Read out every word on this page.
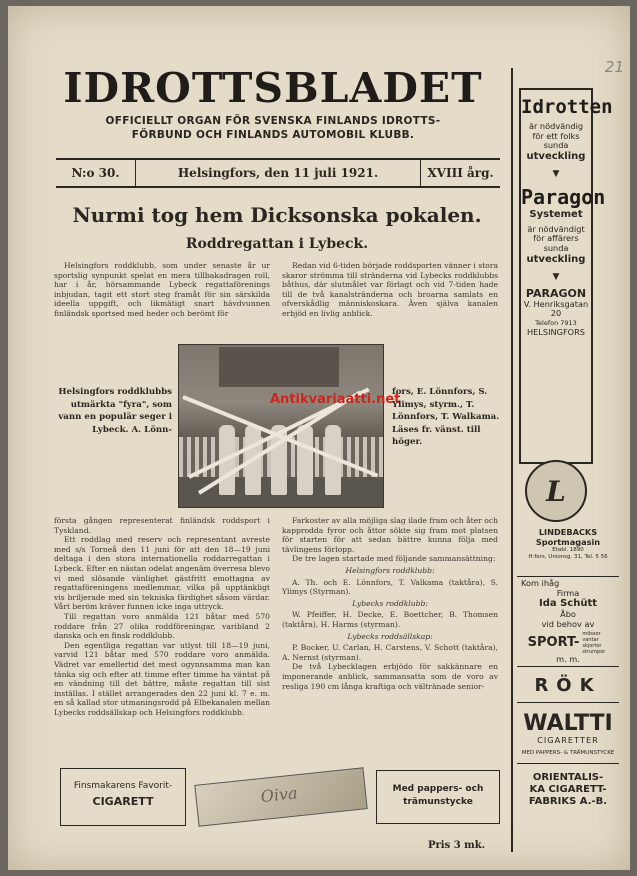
21
IDROTTSBLADET
OFFICIELLT ORGAN FÖR SVENSKA FINLANDS IDROTTS-
FÖRBUND OCH FINLANDS AUTOMOBIL KLUBB.
N:o 30.	Helsingfors, den 11 juli 1921.	XVIII årg.
Nurmi tog hem Dicksonska pokalen.
Roddregattan i Lybeck.

Helsingfors roddklubb, som under senaste år ur sportslig synpunkt spelat en mera tillbakadragen roll, har i år, hörsammande Lybeck regattaförenings inbjudan, tagit ett stort steg framåt för sin särskilda ideella uppgift, och likmätigt snart hävdvunnen finländsk sportsed med heder och berömt för

Redan vid 6-tiden började roddsporten vänner i stora skaror strömma till stränderna vid Lybecks roddklubbs båthus, där slutmålet var förlagt och vid 7-tiden hade till de två kanalstränderna och broarna samlats en ofverskådlig människoskara. Även själva kanalen erbjöd en livlig anblick.

Antikvariaatti.net
Helsingfors roddklubbs utmärkta "fyra", som vann en populär seger i Lybeck. A. Lönn-
fors, E. Lönnfors, S. Ylimys, styrm., T. Lönnfors, T. Walkama. Läses fr. vänst. till höger.

första gången representerat finländsk roddsport i Tyskland.

Ett roddlag med reserv och representant avreste med s/s Torneå den 11 juni för att den 18—19 juni deltaga i den stora internationella roddarregattan i Lybeck. Efter en nästan odelat angenäm överresa blevo vi med slösande vänlighet gästfritt emottagna av regattaföreningens medlemmar, vilka på upptänkligt vis briljerade med sin tekniska färdighet såsom värdar. Vårt beröm kräver funnen icke inga uttryck.

Till regattan voro anmälda 121 båtar med 570 roddare från 27 olika roddföreningar, varibland 2 danska och en finsk roddklubb.

Den egentliga regattan var utlyst till 18—19 juni, varvid 121 båtar med 570 roddare voro anmälda. Vädret var emellertid det mest ogynnsamma man kan tänka sig och efter att timme efter timme ha väntat på en vändning till det bättre, måste regattan till sist inställas. I stället arrangerades den 22 juni kl. 7 e. m. en så kallad stor utmaningsrodd på Elbekanalen mellan Lybecks roddsällskap och Helsingfors roddklubb.

Farkoster av alla möjliga slag ilade fram och åter och kapprodda fyror och åttor sökte sig fram mot platsen för starten för att sedan bättre kunna följa med tävlingens förlopp.

De tre lagen startade med följande sammansättning:

Helsingfors roddklubb:

A. Th. och E. Lönnfors, T. Valkama (taktåra), S. Ylimys (Styrman).

Lybecks roddklubb:

W. Pfeiffer, H. Decke, E. Boettcher, B. Thomsen (taktåra), H. Harms (styrman).

Lybecks roddsällskap:

P. Bocker, U. Carlan, H. Carstens, V. Schott (taktåra), A. Nernst (styrman).

De två Lybecklagen erbjödo för sakkännare en imponerande anblick, sammansatta som de voro av resliga 190 cm långa kraftiga och vältränade senior-

Finsmakarens Favorit-
CIGARETT	Oiva	Med pappers- och
trämunstycke
Pris 3 mk.
Idrotten
är nödvändig
för ett folks
sunda
utveckling
▼
Paragon
Systemet
är nödvändigt
för affärers
sunda
utveckling
▼
PARAGON
V. Henriksgatan 20
Telefon 7913
HELSINGFORS
L
LINDEBACKS
Sportmagasin
Etabl. 1890
H:fors, Unionsg. 31, Tel. 5 56
Kom ihåg
Firma
Ida Schütt
Åbo
vid behov av
SPORT-
mössor vantar skjortor strumpor
m. m.
RÖK
WALTTI
CIGARETTER
MED PAPPERS- & TRÄMUNSTYCKE
ORIENTALIS-
KA CIGARETT-
FABRIKS A.-B.
